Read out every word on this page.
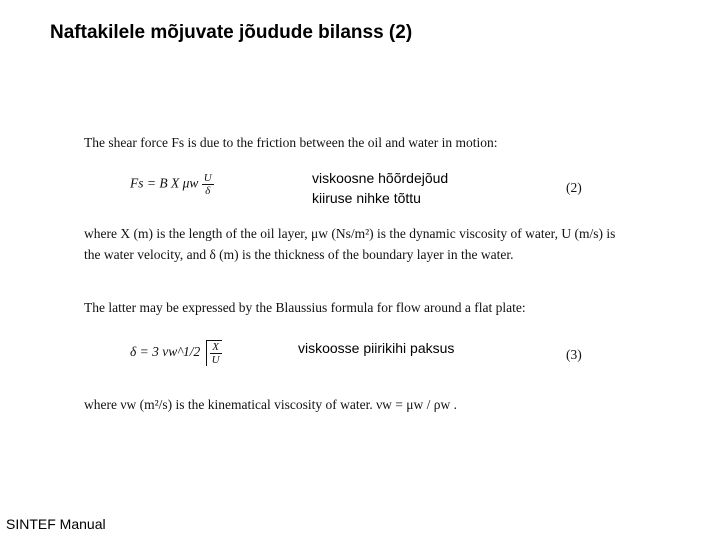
Naftakilele mõjuvate jõudude bilanss (2)
The shear force Fs is due to the friction between the oil and water in motion:
Fs = B X μw $\frac{U}{\delta}$	(2)
where X (m) is the length of the oil layer, μw (Ns/m²) is the dynamic viscosity of water, U (m/s) is
the water velocity, and δ (m) is the thickness of the boundary layer in the water.
The latter may be expressed by the Blaussius formula for flow around a flat plate:
δ = 3 νw^1/2 $\frac{X}{U}$	(3)
where νw (m²/s) is the kinematical viscosity of water. νw = μw / ρw .
viskoosne hõõrdejõud
kiiruse nihke tõttu
viskoosse piirikihi paksus
SINTEF Manual
